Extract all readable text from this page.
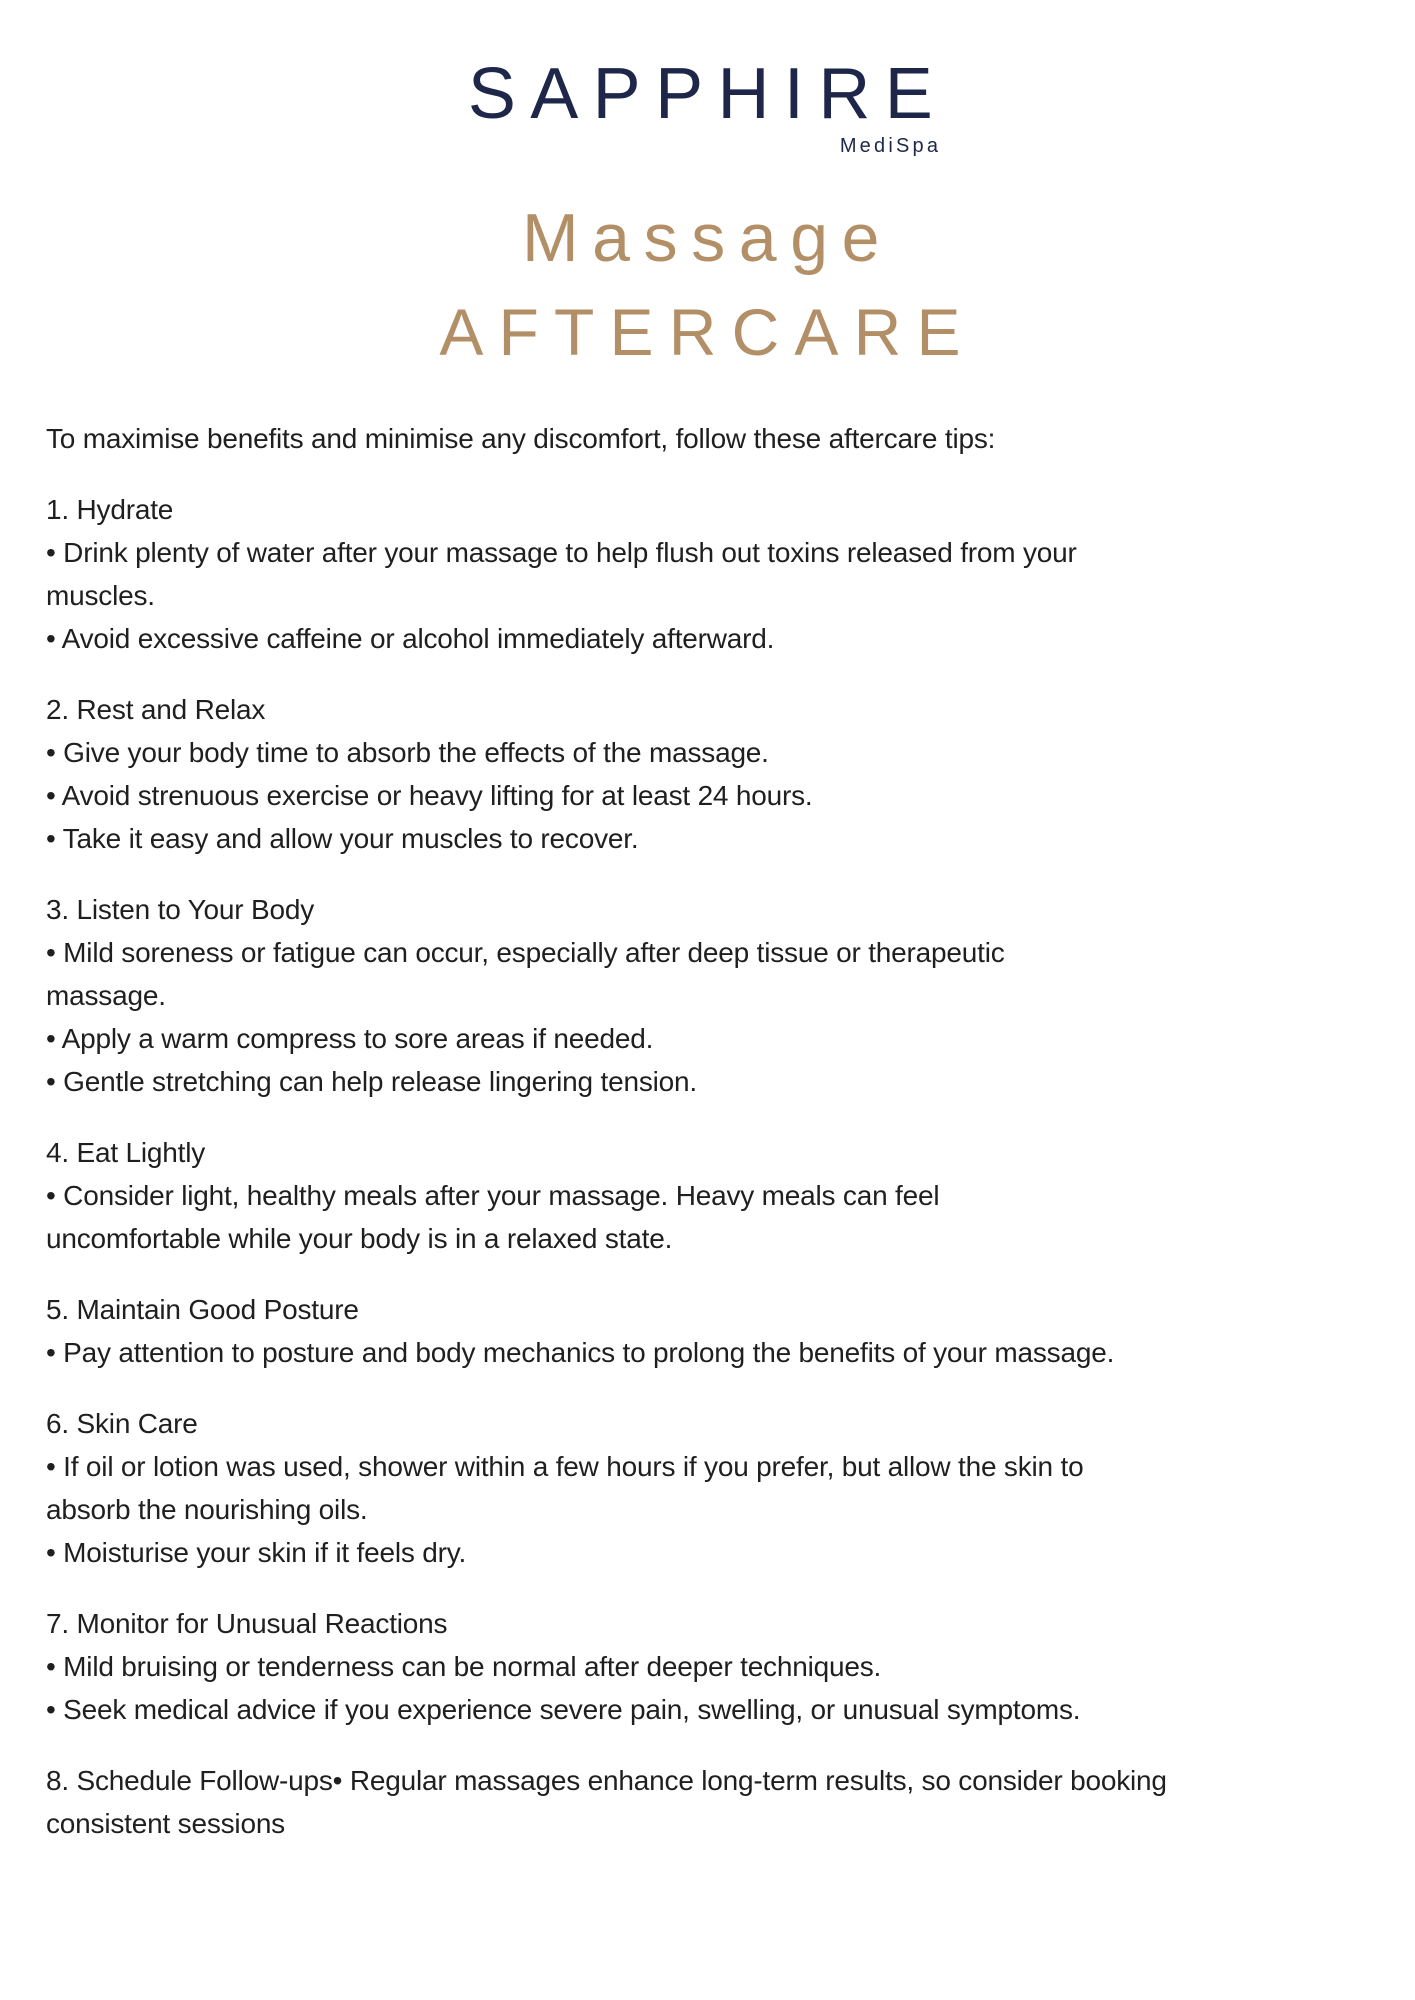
SAPPHIRE
MediSpa
Massage
AFTERCARE

To maximise benefits and minimise any discomfort, follow these aftercare tips:

1. Hydrate
• Drink plenty of water after your massage to help flush out toxins released from your
muscles.
• Avoid excessive caffeine or alcohol immediately afterward.
2. Rest and Relax
• Give your body time to absorb the effects of the massage.
• Avoid strenuous exercise or heavy lifting for at least 24 hours.
• Take it easy and allow your muscles to recover.
3. Listen to Your Body
• Mild soreness or fatigue can occur, especially after deep tissue or therapeutic
massage.
• Apply a warm compress to sore areas if needed.
• Gentle stretching can help release lingering tension.
4. Eat Lightly
• Consider light, healthy meals after your massage. Heavy meals can feel
uncomfortable while your body is in a relaxed state.
5. Maintain Good Posture
• Pay attention to posture and body mechanics to prolong the benefits of your massage.
6. Skin Care
• If oil or lotion was used, shower within a few hours if you prefer, but allow the skin to
absorb the nourishing oils.
• Moisturise your skin if it feels dry.
7. Monitor for Unusual Reactions
• Mild bruising or tenderness can be normal after deeper techniques.
• Seek medical advice if you experience severe pain, swelling, or unusual symptoms.
8. Schedule Follow-ups• Regular massages enhance long-term results, so consider booking
consistent sessions
